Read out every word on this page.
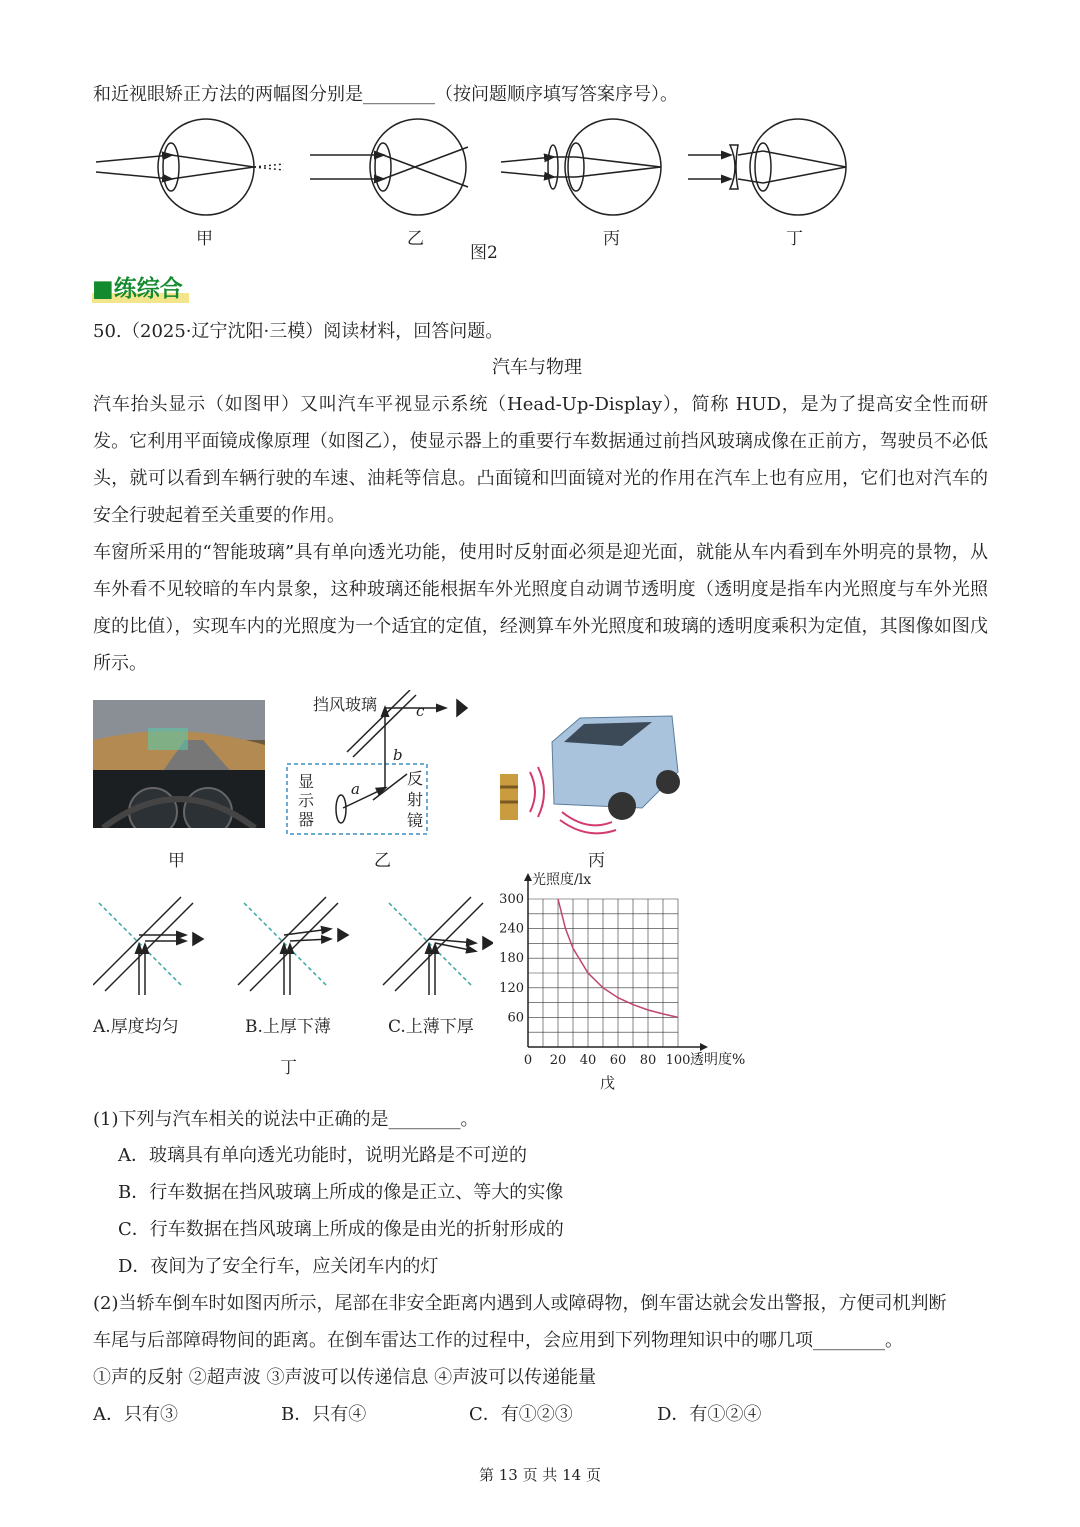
和近视眼矫正方法的两幅图分别是________（按问题顺序填写答案序号）。
甲	乙	丙	丁
图2
■练综合
50. （2025·辽宁沈阳·三模）阅读材料，回答问题。
汽车与物理
汽车抬头显示（如图甲）又叫汽车平视显示系统（Head-Up-Display），简称 HUD，是为了提高安全性而研发。它利用平面镜成像原理（如图乙），使显示器上的重要行车数据通过前挡风玻璃成像在正前方，驾驶员不必低头，就可以看到车辆行驶的车速、油耗等信息。凸面镜和凹面镜对光的作用在汽车上也有应用，它们也对汽车的安全行驶起着至关重要的作用。
车窗所采用的“智能玻璃”具有单向透光功能，使用时反射面必须是迎光面，就能从车内看到车外明亮的景物，从车外看不见较暗的车内景象，这种玻璃还能根据车外光照度自动调节透明度（透明度是指车内光照度与车外光照度的比值），实现车内的光照度为一个适宜的定值，经测算车外光照度和玻璃的透明度乘积为定值，其图像如图戊所示。
甲
挡风玻璃	c
b
a
显示器
反射镜
乙	丙
A.厚度均匀	B.上厚下薄	C.上薄下厚
丁	0 20 40 60 80 100
60
120
180
240
300
光照度/lx
透明度%
戊
(1)下列与汽车相关的说法中正确的是________。
A．玻璃具有单向透光功能时，说明光路是不可逆的
B．行车数据在挡风玻璃上所成的像是正立、等大的实像
C．行车数据在挡风玻璃上所成的像是由光的折射形成的
D．夜间为了安全行车，应关闭车内的灯
(2)当轿车倒车时如图丙所示，尾部在非安全距离内遇到人或障碍物，倒车雷达就会发出警报，方便司机判断
车尾与后部障碍物间的距离。在倒车雷达工作的过程中，会应用到下列物理知识中的哪几项________。
①声的反射 ②超声波 ③声波可以传递信息 ④声波可以传递能量
A．只有③	B．只有④	C．有①②③	D．有①②④
第 13 页 共 14 页
